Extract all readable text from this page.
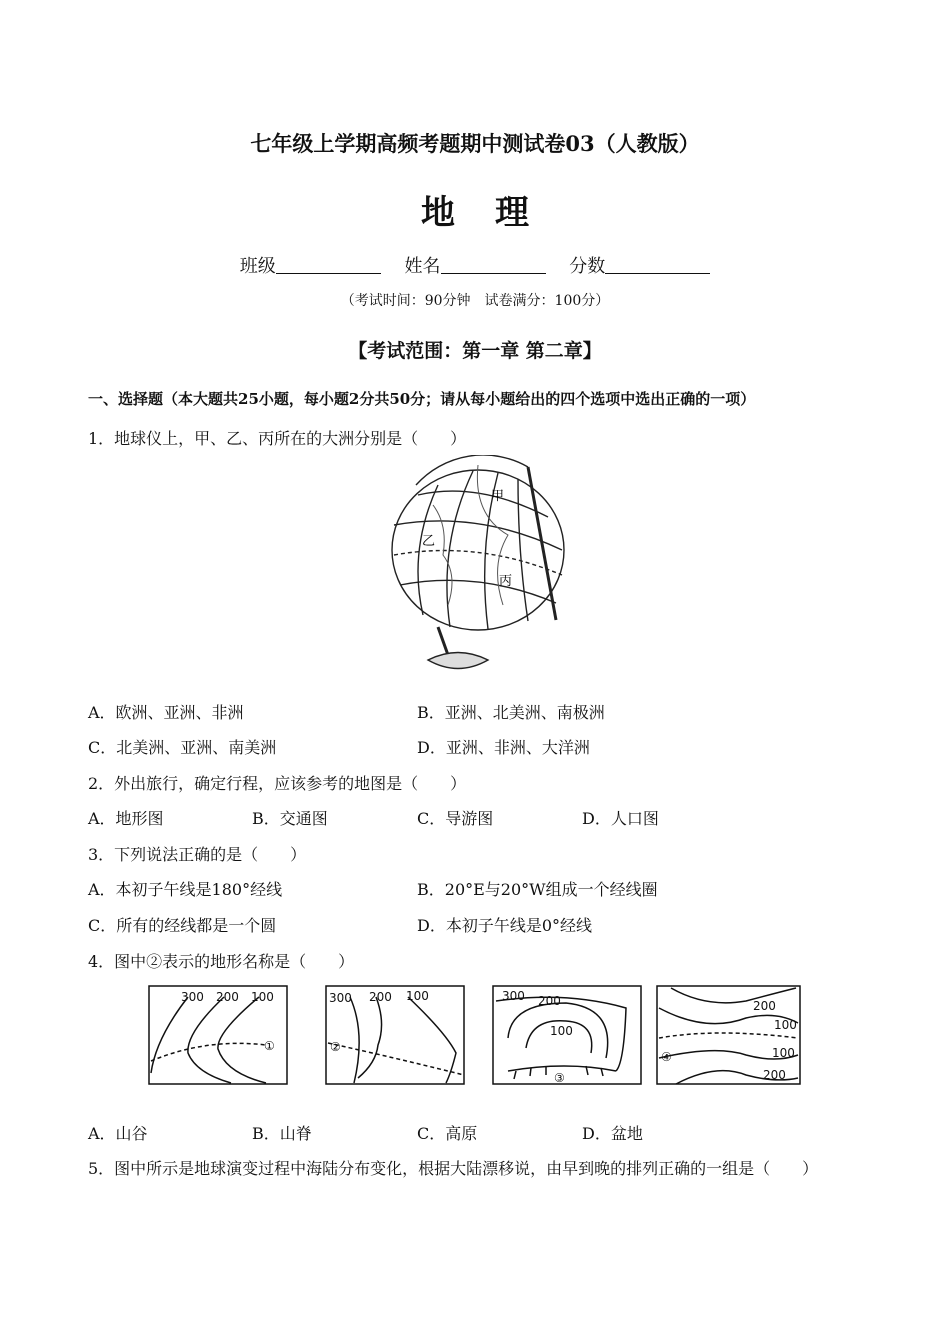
七年级上学期高频考题期中测试卷03（人教版）
地理
班级	姓名	分数
（考试时间：90分钟　试卷满分：100分）
【考试范围：第一章 第二章】
一、选择题（本大题共25小题，每小题2分共50分；请从每小题给出的四个选项中选出正确的一项）
1．地球仪上，甲、乙、丙所在的大洲分别是（　　）
甲
乙
丙
A．欧洲、亚洲、非洲	B．亚洲、北美洲、南极洲
C．北美洲、亚洲、南美洲	D．亚洲、非洲、大洋洲
2．外出旅行，确定行程，应该参考的地图是（　　）
A．地形图	B．交通图	C．导游图	D．人口图
3．下列说法正确的是（　　）
A．本初子午线是180°经线	B．20°E与20°W组成一个经线圈
C．所有的经线都是一个圆	D．本初子午线是0°经线
4．图中②表示的地形名称是（　　）
300 200 100
①
300 200 100
②
300 200
100
③
200
100
100
200
④
A．山谷	B．山脊	C．高原	D．盆地
5．图中所示是地球演变过程中海陆分布变化，根据大陆漂移说，由早到晚的排列正确的一组是（　　）
